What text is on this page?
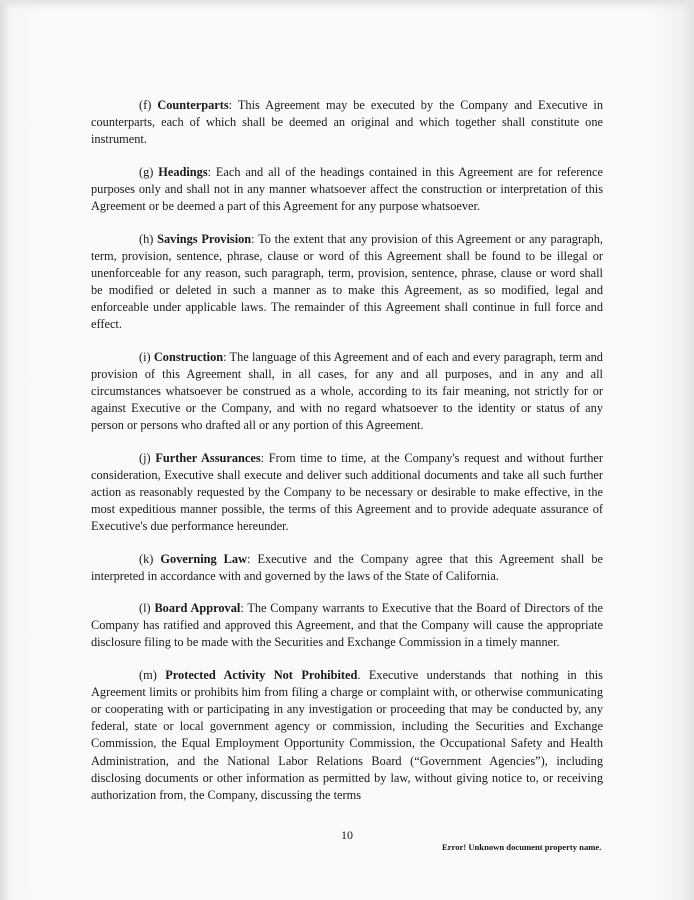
(f) Counterparts: This Agreement may be executed by the Company and Executive in counterparts, each of which shall be deemed an original and which together shall constitute one instrument.

(g) Headings: Each and all of the headings contained in this Agreement are for reference purposes only and shall not in any manner whatsoever affect the construction or interpretation of this Agreement or be deemed a part of this Agreement for any purpose whatsoever.

(h) Savings Provision: To the extent that any provision of this Agreement or any paragraph, term, provision, sentence, phrase, clause or word of this Agreement shall be found to be illegal or unenforceable for any reason, such paragraph, term, provision, sentence, phrase, clause or word shall be modified or deleted in such a manner as to make this Agreement, as so modified, legal and enforceable under applicable laws. The remainder of this Agreement shall continue in full force and effect.

(i) Construction: The language of this Agreement and of each and every paragraph, term and provision of this Agreement shall, in all cases, for any and all purposes, and in any and all circumstances whatsoever be construed as a whole, according to its fair meaning, not strictly for or against Executive or the Company, and with no regard whatsoever to the identity or status of any person or persons who drafted all or any portion of this Agreement.

(j) Further Assurances: From time to time, at the Company's request and without further consideration, Executive shall execute and deliver such additional documents and take all such further action as reasonably requested by the Company to be necessary or desirable to make effective, in the most expeditious manner possible, the terms of this Agreement and to provide adequate assurance of Executive's due performance hereunder.

(k) Governing Law: Executive and the Company agree that this Agreement shall be interpreted in accordance with and governed by the laws of the State of California.

(l) Board Approval: The Company warrants to Executive that the Board of Directors of the Company has ratified and approved this Agreement, and that the Company will cause the appropriate disclosure filing to be made with the Securities and Exchange Commission in a timely manner.

(m) Protected Activity Not Prohibited. Executive understands that nothing in this Agreement limits or prohibits him from filing a charge or complaint with, or otherwise communicating or cooperating with or participating in any investigation or proceeding that may be conducted by, any federal, state or local government agency or commission, including the Securities and Exchange Commission, the Equal Employment Opportunity Commission, the Occupational Safety and Health Administration, and the National Labor Relations Board (“Government Agencies”), including disclosing documents or other information as permitted by law, without giving notice to, or receiving authorization from, the Company, discussing the terms

10
Error! Unknown document property name.
